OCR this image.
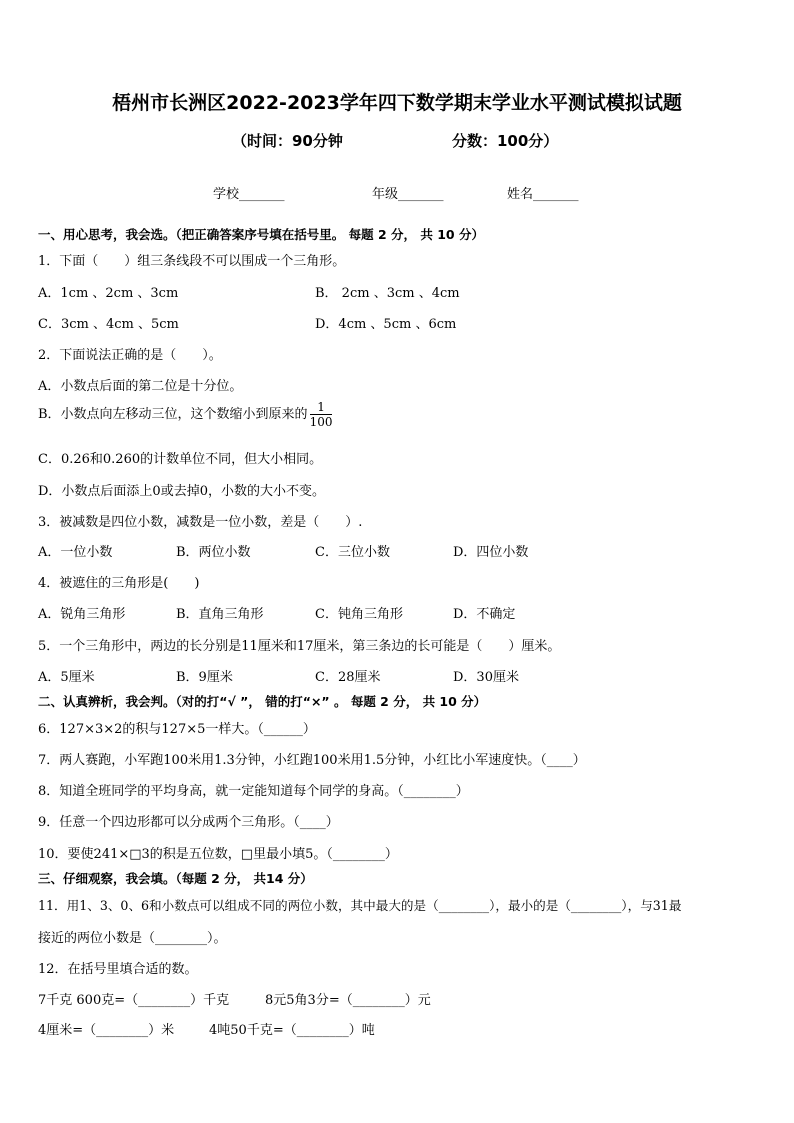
梧州市长洲区2022-2023学年四下数学期末学业水平测试模拟试题
（时间：90分钟	分数：100分）
学校_______	年级_______	姓名_______
一、用心思考，我会选。（把正确答案序号填在括号里。 每题 2 分， 共 10 分）
1．下面（　　）组三条线段不可以围成一个三角形。
A．1cm 、2cm 、3cm	B． 2cm 、3cm 、4cm
C．3cm 、4cm 、5cm	D．4cm 、5cm 、6cm
2．下面说法正确的是（　　）。
A．小数点后面的第二位是十分位。
B．小数点向左移动三位，这个数缩小到原来的 $\frac{1}{100}$
C．0.26和0.260的计数单位不同，但大小相同。
D．小数点后面添上0或去掉0，小数的大小不变。
3．被减数是四位小数，减数是一位小数，差是（　　）.
A．一位小数	B．两位小数	C．三位小数	D．四位小数
4．被遮住的三角形是(　　)
A．锐角三角形	B．直角三角形	C．钝角三角形	D．不确定
5．一个三角形中，两边的长分别是11厘米和17厘米，第三条边的长可能是（　　）厘米。
A．5厘米	B．9厘米	C．28厘米	D．30厘米
二、认真辨析，我会判。（对的打“√ ”， 错的打“×” 。 每题 2 分， 共 10 分）
6．127×3×2的积与127×5一样大。（______）
7．两人赛跑，小军跑100米用1.3分钟，小红跑100米用1.5分钟，小红比小军速度快。（____）
8．知道全班同学的平均身高，就一定能知道每个同学的身高。（________）
9．任意一个四边形都可以分成两个三角形。（____）
10．要使241×□3的积是五位数，□里最小填5。（________）
三、仔细观察，我会填。（每题 2 分， 共14 分）
11．用1、3、0、6和小数点可以组成不同的两位小数，其中最大的是（________），最小的是（________），与31最
接近的两位小数是（________）。
12．在括号里填合适的数。
7千克 600克=（________）千克	8元5角3分=（________）元
4厘米=（________）米	4吨50千克=（________）吨
